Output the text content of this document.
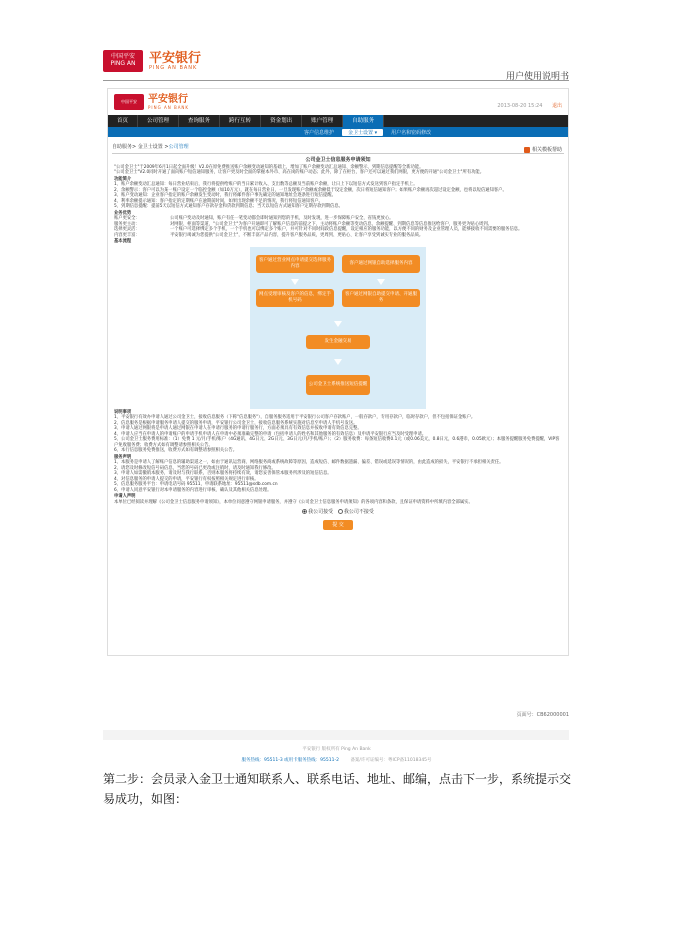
中国平安
PING AN 平安银行
PING AN BANK
用户使用说明书
中国平安 平安银行
PING AN BANK	2013-08-20 15:24 退出
首页	公司管理	查询服务	跨行互转	资金划出	账户管理	自助服务
客户信息维护	金卫士设置 ▾	用户名和密码修改
自助服务 > 金卫士设置 > 公司管理	相关模板帮助
公司金卫士信息服务申请须知
"公司金卫士"于2009年6月1日起全面升级！V2.0在原免费推送账户余额变动通知的基础上，增加了账户余额变动汇总通知、余额警示、到期信息提醒等全新功能。
"公司金卫士"V2.0同时开通了面向账户短信通知服务，让客户更及时全面的掌握本外币、高在岗的账户动态；此外，除了在柜台，客户还可以通过我们网银，更方便的开通"公司金卫士"所有功能。
功能简介
1、账户余额变动汇总通知：每日营业结束后，我行将提供给账户的当日累计收入、支出数等总额及当前账户余额，让日上下以短信方式发送到客户指定手机上。
2、余额警示：客户可以为某一账户设定一个临控金额（如10万元），就在每日营业日，一旦发现账户余额或余额低于设定金额，次日将短信通知客户；如果账户余额再次超过设定金额，也将以短信通知客户。
3、账户变动通知：企业客户指定的账户余额发生变动时，我行将邮件客户事先确定的通知地址会逐条进行短信提醒。
4、利率余额提示通知：客户指定的定期账户在逾期前时间，如果出现余额不足的情况，我行将短信通知客户。
5、到期信息提醒：提前5天以短信方式通知客户存款存金和贷款到期信息；当天以短信方式通知客户定期存款到期信息。
业务优势
账户更安全：	公司账户变动及时通知，账户有任一笔变动都会即时通知到您的手机，及时发现，进一步保障账户安全，省钱更放心。
服务更主动：	对网银、柜面等渠道，"公司金卫士"为客户开通即可了解账户信息的前提之下，主动将账户余额等变动信息，余额提醒、到期信息等信息推送给客户，服务更为贴心周到。
选择更灵活：	一个账户可选择绑定多个手机，一个手机也可以绑定多个账户，并可针对不同时间段信息提醒，设定相应的服务功能，以方便不同的财务及企业管理人员，能够接收不同需要的服务信息。
内容更丰富：	平安银行竭诚为您提供"公司金卫士"，不断丰富产品内容，提升客户服务品质，更周到、更贴心、让客户享受到诚实专业的服务品质。
基本流程
客户通过营业网点申请提交选择服务内容
客户通过网银自助选择服务内容
网点受理审核及客户的信息，绑定手机号码
客户通过网银自助提交申请、开通服务
发生金融交易
公司金卫士系统推送短信提醒
说明事项
1、平安银行有效办申请人通过公司金卫士，接收信息服务（下称"信息服务"），自服务服务适用于平安银行公司客户存款账户，一般存款户，专用存款户，临时存款户，但不包括保证金账户。
2、信息服务是根据申请服务申请人提交的服务申请，平安银行公司金卫士，接收信息服务系统实施对信息至申请人手机号发送。
3、申请人通过网银将是申请人通过网银在申请人在申请行服务的申请行服务行，方面必须具有有效信息并按收申请有效信息完整。
4、申请人应当在申请人的申请账户的申请手机申请人在申请中必须准确完整的申请（包括申请人的姓名和其他服务的有效信息）及申请平安银行应当及时受理申请。
5、公司金卫士服务费用标准：（1）免费 1 元/月/手机/账户（4G通讯、4G日元、2G日元、3G日元/月/手机/账户）；（2）服务收费：每条短信收费0.1元（或0.06美元，0.8日元，0.6港币，0.05欧元）；本服务提醒服务免费提醒，VIP客户免收服务费；收费方式如有调整请参照相关公告。
6、本行信息服务免费推送，收费方式如有调整请参照相关公告。
服务声明
1、本服务是申请人了解账户信息的辅助渠道之一，如由于通讯运营商、网络服务商或系统故障等原因，造成短信、邮件数据遗漏、偏差、错误或延误等情况的，由此造成的损失，平安银行不承担相关责任。
2、请您及时修改短信号码信息，当您的号码已更改或注销时，请及时通知我行修改。
3、申请人如需撤销本服务，请及时与我行联系，否则本服务将持续有效，请您妥善保管本服务所涉及的短信信息。
4、对信息服务的申请人提交的申请，平安银行有权按照相关规定进行审核。
5、信息服务服务平台：申请电话号码 95511，申请联系地址：95511@sdb.com.cn
6、申请人同意平安银行对本申请服务的内容进行审核、确认及其他相关信息处理。
申请人声明
本单位已经阅读并理解《公司金卫士信息服务申请须知》，本单位同意遵守网银申请服务，并遵守《公司金卫士信息服务申请须知》的各项内容和条款，且保证申请资料中所填内容全部属实。
我公司接受 我公司不接受
提 交
页面号：CB62000001
平安银行 版权所有 Ping An Bank
服务热线：95511-3 或用卡服务热线：95511-2	备案/许可证编号：粤ICP备11018345号
第二步：会员录入金卫士通知联系人、联系电话、地址、邮编，点击下一步，系统提示交易成功，如图：
